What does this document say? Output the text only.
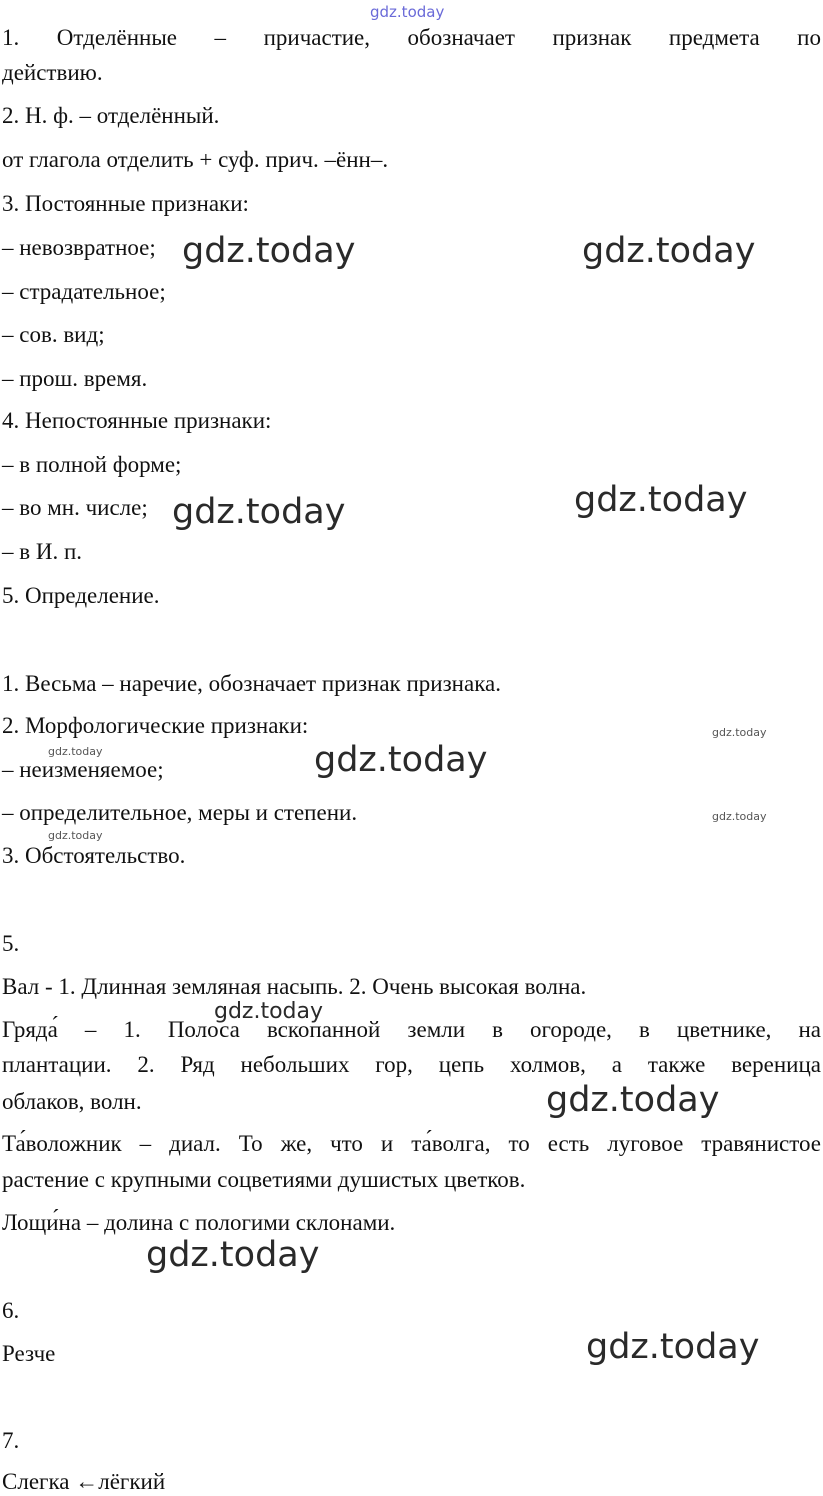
1. Отделённые – причастие, обозначает признак предмета по
действию.
2. Н. ф. – отделённый.
от глагола отделить + суф. прич. –ённ–.
3. Постоянные признаки:
– невозвратное;
– страдательное;
– сов. вид;
– прош. время.
4. Непостоянные признаки:
– в полной форме;
– во мн. числе;
– в И. п.
5. Определение.
1. Весьма – наречие, обозначает признак признака.
2. Морфологические признаки:
– неизменяемое;
– определительное, меры и степени.
3. Обстоятельство.
5.
Вал - 1. Длинная земляная насыпь. 2. Очень высокая волна.
Гряда́ – 1. Полоса вскопанной земли в огороде, в цветнике, на
плантации. 2. Ряд небольших гор, цепь холмов, а также вереница
облаков, волн.
Та́воложник – диал. То же, что и та́волга, то есть луговое травянистое
растение с крупными соцветиями душистых цветков.
Лощи́на – долина с пологими склонами.
6.
Резче
7.
Слегка ←лёгкий
gdz.today
gdz.today	gdz.today
gdz.today
gdz.today
gdz.today
gdz.today
gdz.today
gdz.today
gdz.today
gdz.today
gdz.today
gdz.today
gdz.today
